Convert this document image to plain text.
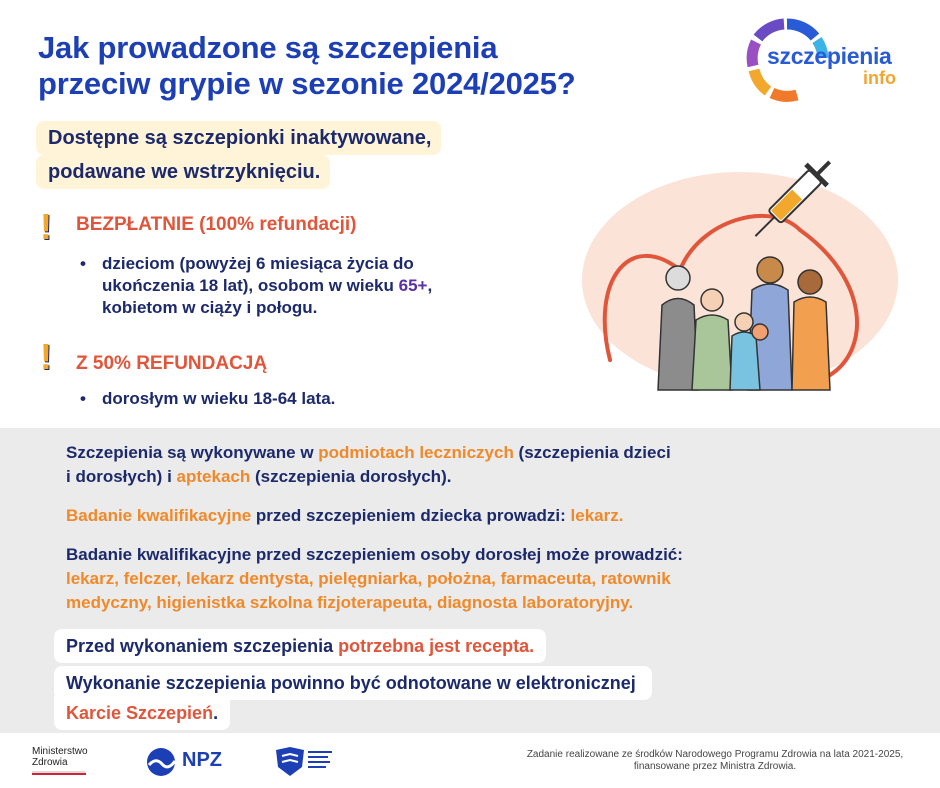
Jak prowadzone są szczepienia
przeciw grypie w sezonie 2024/2025?
szczepienia
info
Dostępne są szczepionki inaktywowane,
podawane we wstrzyknięciu.
! BEZPŁATNIE (100% refundacji)
• dzieciom (powyżej 6 miesiąca życia do
ukończenia 18 lat), osobom w wieku 65+,
kobietom w ciąży i połogu.
! Z 50% REFUNDACJĄ
• dorosłym w wieku 18-64 lata.

Szczepienia są wykonywane w podmiotach leczniczych (szczepienia dzieci
i dorosłych) i aptekach (szczepienia dorosłych).

Badanie kwalifikacyjne przed szczepieniem dziecka prowadzi: lekarz.

Badanie kwalifikacyjne przed szczepieniem osoby dorosłej może prowadzić:
lekarz, felczer, lekarz dentysta, pielęgniarka, położna, farmaceuta, ratownik
medyczny, higienistka szkolna fizjoterapeuta, diagnosta laboratoryjny.

Przed wykonaniem szczepienia potrzebna jest recepta.
Wykonanie szczepienia powinno być odnotowane w elektronicznej
Karcie Szczepień.
Ministerstwo
Zdrowia	NPZ	Zadanie realizowane ze środków Narodowego Programu Zdrowia na lata 2021-2025,
finansowane przez Ministra Zdrowia.
